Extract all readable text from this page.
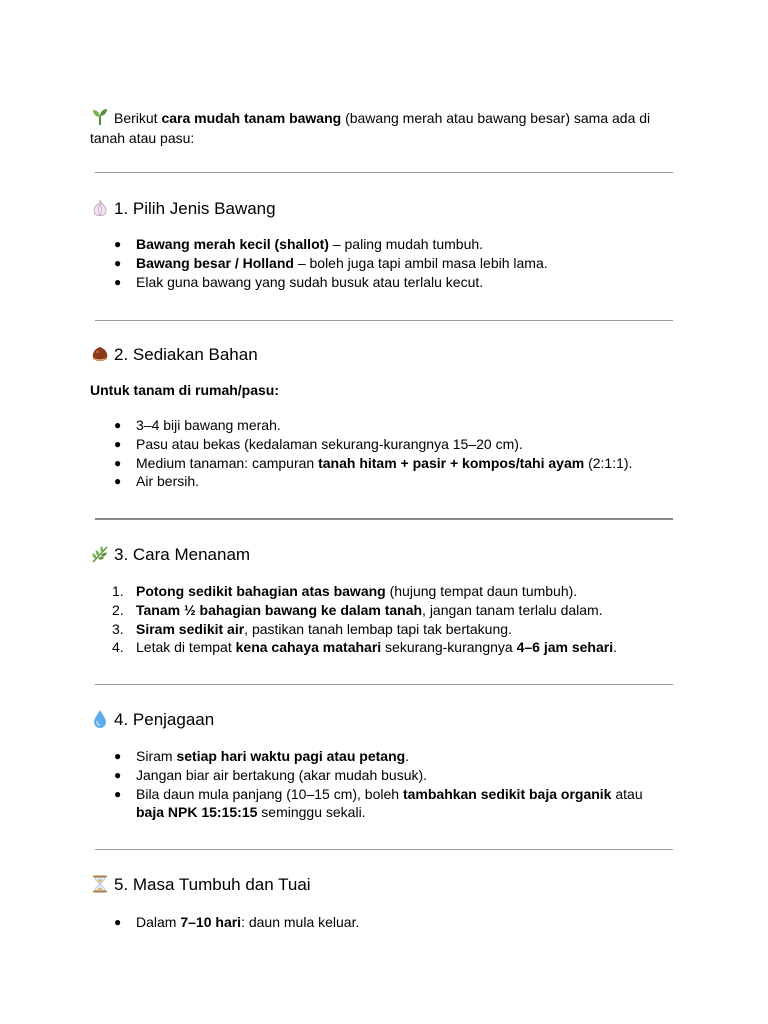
Berikut cara mudah tanam bawang (bawang merah atau bawang besar) sama ada di tanah atau pasu:

1. Pilih Jenis Bawang
● Bawang merah kecil (shallot) – paling mudah tumbuh.
● Bawang besar / Holland – boleh juga tapi ambil masa lebih lama.
● Elak guna bawang yang sudah busuk atau terlalu kecut.
2. Sediakan Bahan
Untuk tanam di rumah/pasu:
● 3–4 biji bawang merah.
● Pasu atau bekas (kedalaman sekurang-kurangnya 15–20 cm).
● Medium tanaman: campuran tanah hitam + pasir + kompos/tahi ayam (2:1:1).
● Air bersih.
3. Cara Menanam
1. Potong sedikit bahagian atas bawang (hujung tempat daun tumbuh).
2. Tanam ½ bahagian bawang ke dalam tanah, jangan tanam terlalu dalam.
3. Siram sedikit air, pastikan tanah lembap tapi tak bertakung.
4. Letak di tempat kena cahaya matahari sekurang-kurangnya 4–6 jam sehari.
4. Penjagaan
● Siram setiap hari waktu pagi atau petang.
● Jangan biar air bertakung (akar mudah busuk).
● Bila daun mula panjang (10–15 cm), boleh tambahkan sedikit baja organik atau baja NPK 15:15:15 seminggu sekali.
5. Masa Tumbuh dan Tuai
● Dalam 7–10 hari: daun mula keluar.
